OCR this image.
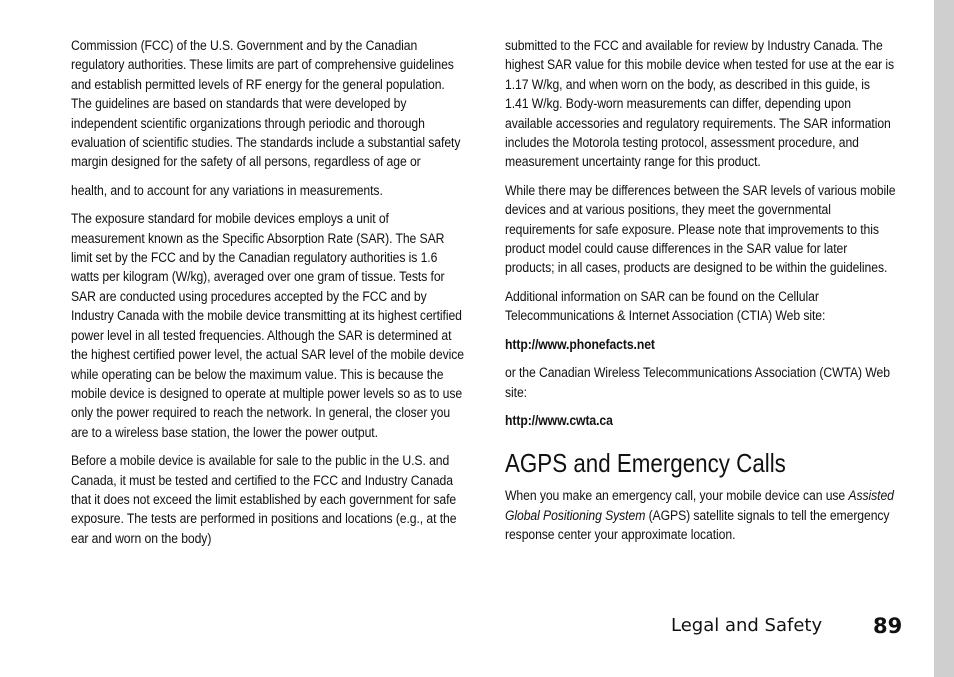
Commission (FCC) of the U.S. Government and by the Canadian regulatory authorities. These limits are part of comprehensive guidelines and establish permitted levels of RF energy for the general population. The guidelines are based on standards that were developed by independent scientific organizations through periodic and thorough evaluation of scientific studies. The standards include a substantial safety margin designed for the safety of all persons, regardless of age or

health, and to account for any variations in measurements.

The exposure standard for mobile devices employs a unit of measurement known as the Specific Absorption Rate (SAR). The SAR limit set by the FCC and by the Canadian regulatory authorities is 1.6 watts per kilogram (W/kg), averaged over one gram of tissue. Tests for SAR are conducted using procedures accepted by the FCC and by Industry Canada with the mobile device transmitting at its highest certified power level in all tested frequencies. Although the SAR is determined at the highest certified power level, the actual SAR level of the mobile device while operating can be below the maximum value. This is because the mobile device is designed to operate at multiple power levels so as to use only the power required to reach the network. In general, the closer you are to a wireless base station, the lower the power output.

Before a mobile device is available for sale to the public in the U.S. and Canada, it must be tested and certified to the FCC and Industry Canada that it does not exceed the limit established by each government for safe exposure. The tests are performed in positions and locations (e.g., at the ear and worn on the body)

submitted to the FCC and available for review by Industry Canada. The highest SAR value for this mobile device when tested for use at the ear is 1.17 W/kg, and when worn on the body, as described in this guide, is 1.41 W/kg. Body-worn measurements can differ, depending upon available accessories and regulatory requirements. The SAR information includes the Motorola testing protocol, assessment procedure, and measurement uncertainty range for this product.

While there may be differences between the SAR levels of various mobile devices and at various positions, they meet the governmental requirements for safe exposure. Please note that improvements to this product model could cause differences in the SAR value for later products; in all cases, products are designed to be within the guidelines.

Additional information on SAR can be found on the Cellular Telecommunications & Internet Association (CTIA) Web site:

http://www.phonefacts.net

or the Canadian Wireless Telecommunications Association (CWTA) Web site:

http://www.cwta.ca

AGPS and Emergency Calls

When you make an emergency call, your mobile device can use Assisted Global Positioning System (AGPS) satellite signals to tell the emergency response center your approximate location.

Legal and Safety 89
